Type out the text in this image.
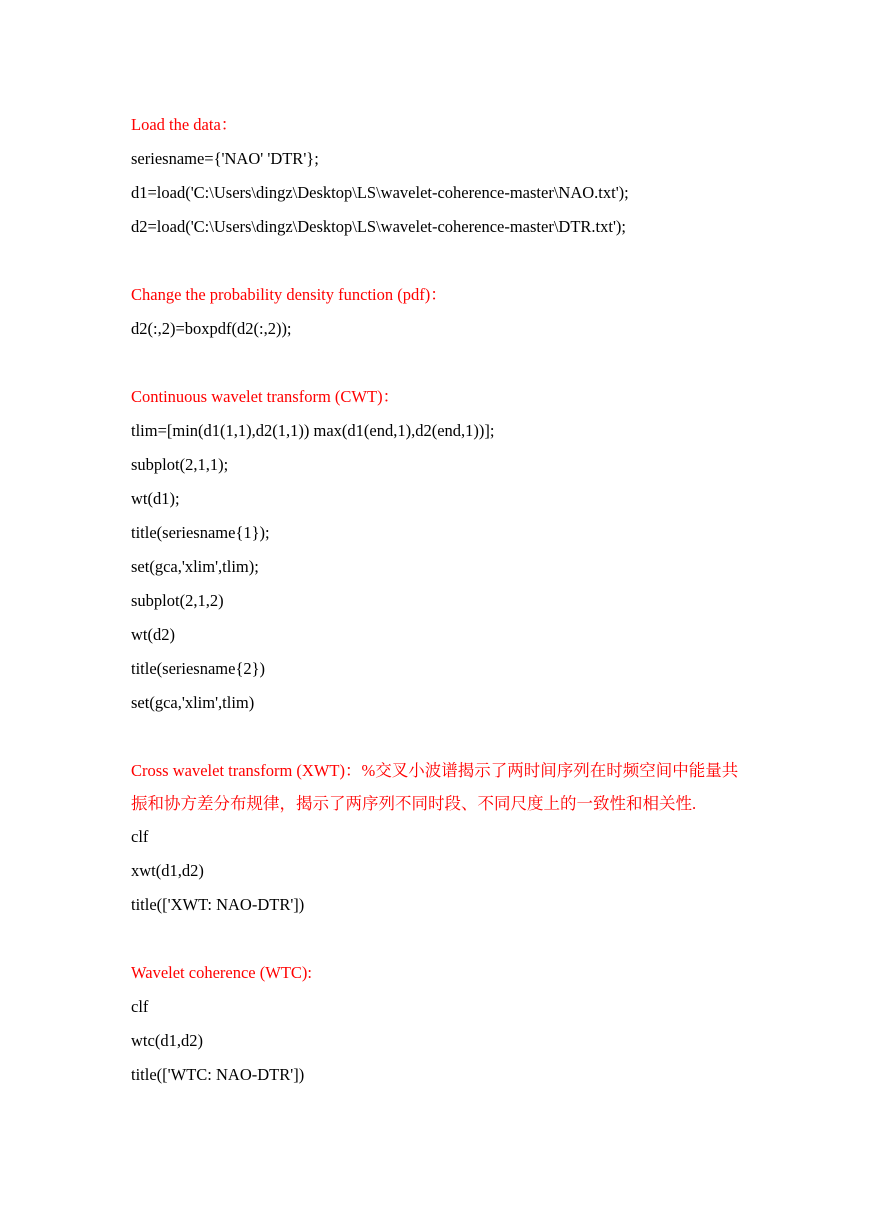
Load the data：
seriesname={'NAO' 'DTR'};
d1=load('C:\Users\dingz\Desktop\LS\wavelet-coherence-master\NAO.txt');
d2=load('C:\Users\dingz\Desktop\LS\wavelet-coherence-master\DTR.txt');
Change the probability density function (pdf)：
d2(:,2)=boxpdf(d2(:,2));
Continuous wavelet transform (CWT)：
tlim=[min(d1(1,1),d2(1,1)) max(d1(end,1),d2(end,1))];
subplot(2,1,1);
wt(d1);
title(seriesname{1});
set(gca,'xlim',tlim);
subplot(2,1,2)
wt(d2)
title(seriesname{2})
set(gca,'xlim',tlim)
Cross wavelet transform (XWT)：%交叉小波谱揭示了两时间序列在时频空间中能量共振和协方差分布规律，揭示了两序列不同时段、不同尺度上的一致性和相关性.
clf
xwt(d1,d2)
title(['XWT: NAO-DTR'])
Wavelet coherence (WTC):
clf
wtc(d1,d2)
title(['WTC: NAO-DTR'])
